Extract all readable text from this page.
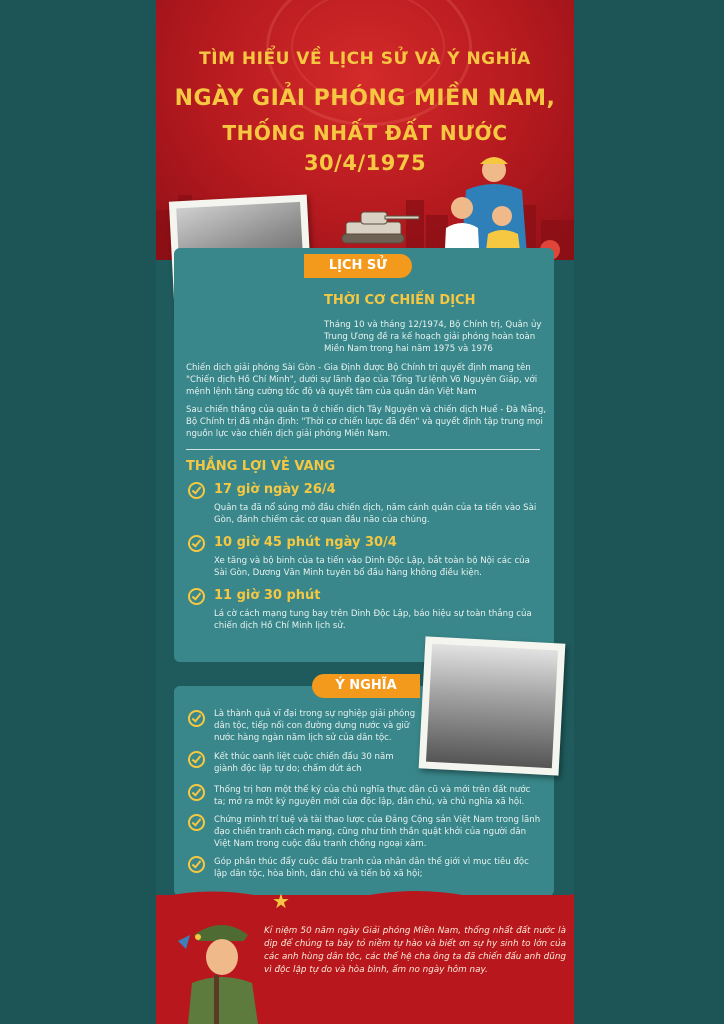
TÌM HIỂU VỀ LỊCH SỬ VÀ Ý NGHĨA
NGÀY GIẢI PHÓNG MIỀN NAM,
THỐNG NHẤT ĐẤT NƯỚC
30/4/1975
LỊCH SỬ
THỜI CƠ CHIẾN DỊCH
Tháng 10 và tháng 12/1974, Bộ Chính trị, Quân ủy Trung Ương đề ra kế hoạch giải phóng hoàn toàn Miền Nam trong hai năm 1975 và 1976
Chiến dịch giải phóng Sài Gòn - Gia Định được Bộ Chính trị quyết định mang tên "Chiến dịch Hồ Chí Minh", dưới sự lãnh đạo của Tổng Tư lệnh Võ Nguyên Giáp, với mệnh lệnh tăng cường tốc độ và quyết tâm của quân dân Việt Nam
Sau chiến thắng của quân ta ở chiến dịch Tây Nguyên và chiến dịch Huế - Đà Nẵng, Bộ Chính trị đã nhận định: "Thời cơ chiến lược đã đến" và quyết định tập trung mọi nguồn lực vào chiến dịch giải phóng Miền Nam.
THẮNG LỢI VẺ VANG
17 giờ ngày 26/4
Quân ta đã nổ súng mở đầu chiến dịch, năm cánh quân của ta tiến vào Sài Gòn, đánh chiếm các cơ quan đầu não của chúng.
10 giờ 45 phút ngày 30/4
Xe tăng và bộ binh của ta tiến vào Dinh Độc Lập, bắt toàn bộ Nội các của Sài Gòn, Dương Văn Minh tuyên bố đầu hàng không điều kiện.
11 giờ 30 phút
Lá cờ cách mạng tung bay trên Dinh Độc Lập, báo hiệu sự toàn thắng của chiến dịch Hồ Chí Minh lịch sử.
Ý NGHĨA
Là thành quả vĩ đại trong sự nghiệp giải phóng dân tộc, tiếp nối con đường dựng nước và giữ nước hàng ngàn năm lịch sử của dân tộc.
Kết thúc oanh liệt cuộc chiến đấu 30 năm giành độc lập tự do; chấm dứt ách
Thống trị hơn một thế kỷ của chủ nghĩa thực dân cũ và mới trên đất nước ta; mở ra một kỷ nguyên mới của độc lập, dân chủ, và chủ nghĩa xã hội.
Chứng minh trí tuệ và tài thao lược của Đảng Cộng sản Việt Nam trong lãnh đạo chiến tranh cách mạng, cũng như tinh thần quật khởi của người dân Việt Nam trong cuộc đấu tranh chống ngoại xâm.
Góp phần thúc đẩy cuộc đấu tranh của nhân dân thế giới vì mục tiêu độc lập dân tộc, hòa bình, dân chủ và tiến bộ xã hội;
★
Kỉ niệm 50 năm ngày Giải phóng Miền Nam, thống nhất đất nước là dịp để chúng ta bày tỏ niềm tự hào và biết ơn sự hy sinh to lớn của các anh hùng dân tộc, các thế hệ cha ông ta đã chiến đấu anh dũng vì độc lập tự do và hòa bình, ấm no ngày hôm nay.
